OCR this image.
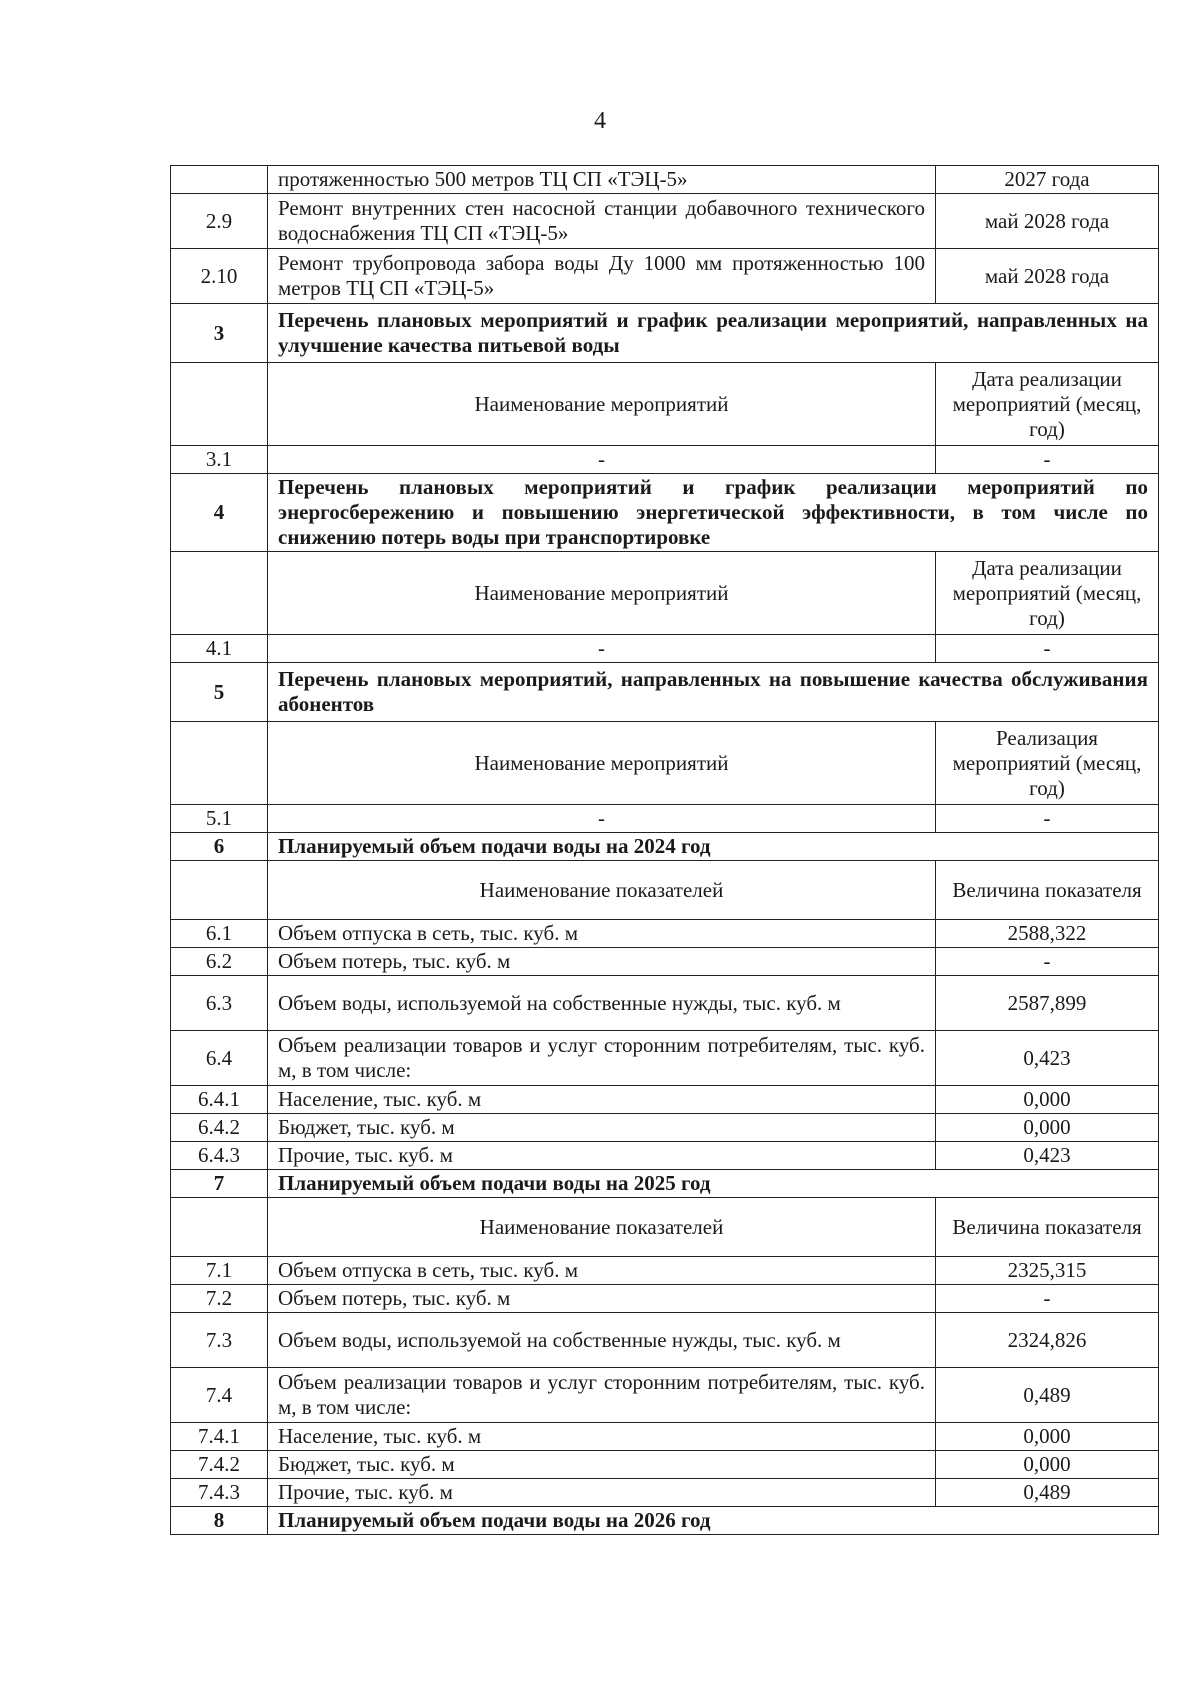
4
	протяженностью 500 метров ТЦ СП «ТЭЦ-5»	2027 года
2.9	Ремонт внутренних стен насосной станции добавочного технического водоснабжения ТЦ СП «ТЭЦ-5»	май 2028 года
2.10	Ремонт трубопровода забора воды Ду 1000 мм протяженностью 100 метров ТЦ СП «ТЭЦ-5»	май 2028 года
3	Перечень плановых мероприятий и график реализации мероприятий, направленных на улучшение качества питьевой воды	
	Наименование мероприятий	Дата реализации мероприятий (месяц, год)
3.1	-	-
4	Перечень плановых мероприятий и график реализации мероприятий по энергосбережению и повышению энергетической эффективности, в том числе по снижению потерь воды при транспортировке	
	Наименование мероприятий	Дата реализации мероприятий (месяц, год)
4.1	-	-
5	Перечень плановых мероприятий, направленных на повышение качества обслуживания абонентов	
	Наименование мероприятий	Реализация мероприятий (месяц, год)
5.1	-	-
6	Планируемый объем подачи воды на 2024 год	
	Наименование показателей	Величина показателя
6.1	Объем отпуска в сеть, тыс. куб. м	2588,322
6.2	Объем потерь, тыс. куб. м	-
6.3	Объем воды, используемой на собственные нужды, тыс. куб. м	2587,899
6.4	Объем реализации товаров и услуг сторонним потребителям, тыс. куб. м, в том числе:	0,423
6.4.1	Население, тыс. куб. м	0,000
6.4.2	Бюджет, тыс. куб. м	0,000
6.4.3	Прочие, тыс. куб. м	0,423
7	Планируемый объем подачи воды на 2025 год	
	Наименование показателей	Величина показателя
7.1	Объем отпуска в сеть, тыс. куб. м	2325,315
7.2	Объем потерь, тыс. куб. м	-
7.3	Объем воды, используемой на собственные нужды, тыс. куб. м	2324,826
7.4	Объем реализации товаров и услуг сторонним потребителям, тыс. куб. м, в том числе:	0,489
7.4.1	Население, тыс. куб. м	0,000
7.4.2	Бюджет, тыс. куб. м	0,000
7.4.3	Прочие, тыс. куб. м	0,489
8	Планируемый объем подачи воды на 2026 год	
